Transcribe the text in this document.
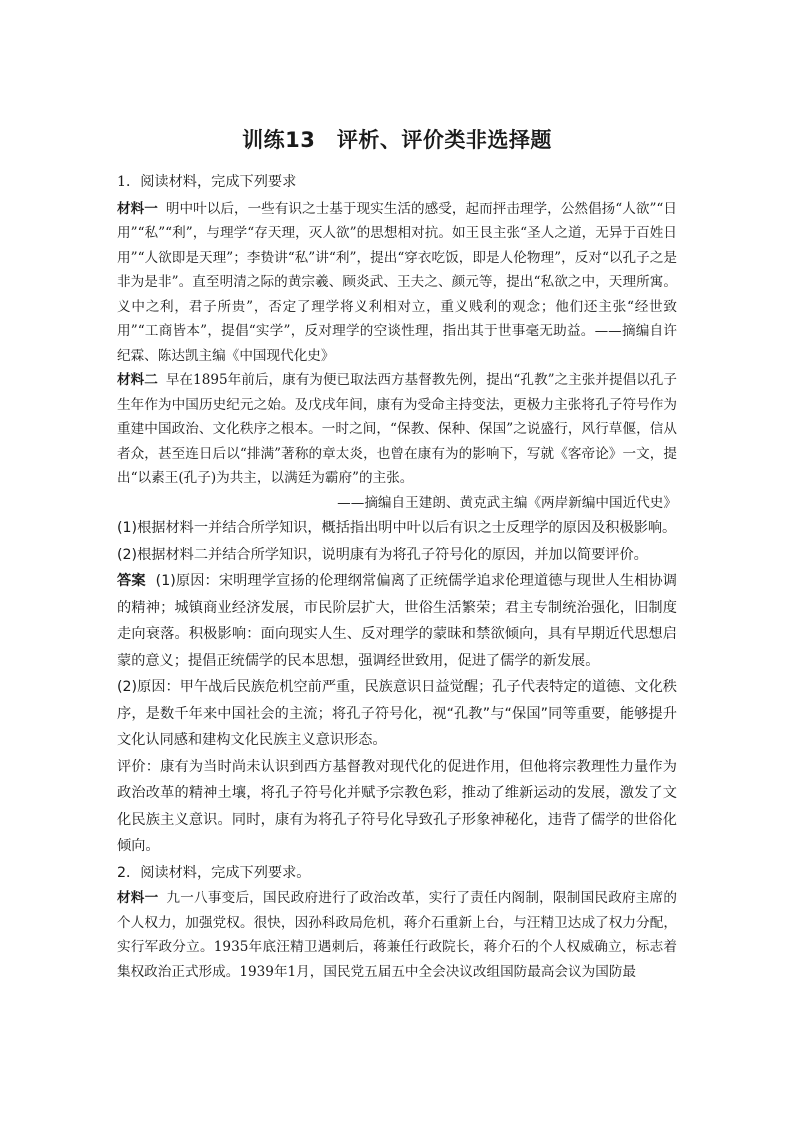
训练13　评析、评价类非选择题

1．阅读材料，完成下列要求

材料一 明中叶以后，一些有识之士基于现实生活的感受，起而抨击理学，公然倡扬“人欲”“日用”“私”“利”，与理学“存天理，灭人欲”的思想相对抗。如王艮主张“圣人之道，无异于百姓日用”“人欲即是天理”；李贽讲“私”讲“利”，提出“穿衣吃饭，即是人伦物理”，反对“以孔子之是非为是非”。直至明清之际的黄宗羲、顾炎武、王夫之、颜元等，提出“私欲之中，天理所寓。义中之利，君子所贵”，否定了理学将义利相对立，重义贱利的观念；他们还主张“经世致用”“工商皆本”，提倡“实学”，反对理学的空谈性理，指出其于世事毫无助益。——摘编自许纪霖、陈达凯主编《中国现代化史》

材料二 早在1895年前后，康有为便已取法西方基督教先例，提出“孔教”之主张并提倡以孔子生年作为中国历史纪元之始。及戊戌年间，康有为受命主持变法，更极力主张将孔子符号作为重建中国政治、文化秩序之根本。一时之间，“保教、保种、保国”之说盛行，风行草偃，信从者众，甚至连日后以“排满”著称的章太炎，也曾在康有为的影响下，写就《客帝论》一文，提出“以素王(孔子)为共主，以满廷为霸府”的主张。

——摘编自王建朗、黄克武主编《两岸新编中国近代史》

(1)根据材料一并结合所学知识，概括指出明中叶以后有识之士反理学的原因及积极影响。

(2)根据材料二并结合所学知识，说明康有为将孔子符号化的原因，并加以简要评价。

答案 (1)原因：宋明理学宣扬的伦理纲常偏离了正统儒学追求伦理道德与现世人生相协调的精神；城镇商业经济发展，市民阶层扩大，世俗生活繁荣；君主专制统治强化，旧制度走向衰落。积极影响：面向现实人生、反对理学的蒙昧和禁欲倾向，具有早期近代思想启蒙的意义；提倡正统儒学的民本思想，强调经世致用，促进了儒学的新发展。

(2)原因：甲午战后民族危机空前严重，民族意识日益觉醒；孔子代表特定的道德、文化秩序，是数千年来中国社会的主流；将孔子符号化，视“孔教”与“保国”同等重要，能够提升文化认同感和建构文化民族主义意识形态。

评价：康有为当时尚未认识到西方基督教对现代化的促进作用，但他将宗教理性力量作为政治改革的精神土壤，将孔子符号化并赋予宗教色彩，推动了维新运动的发展，激发了文化民族主义意识。同时，康有为将孔子符号化导致孔子形象神秘化，违背了儒学的世俗化倾向。

2．阅读材料，完成下列要求。

材料一 九一八事变后，国民政府进行了政治改革，实行了责任内阁制，限制国民政府主席的个人权力，加强党权。很快，因孙科政局危机，蒋介石重新上台，与汪精卫达成了权力分配，实行军政分立。1935年底汪精卫遇刺后，蒋兼任行政院长，蒋介石的个人权威确立，标志着集权政治正式形成。1939年1月，国民党五届五中全会决议改组国防最高会议为国防最
